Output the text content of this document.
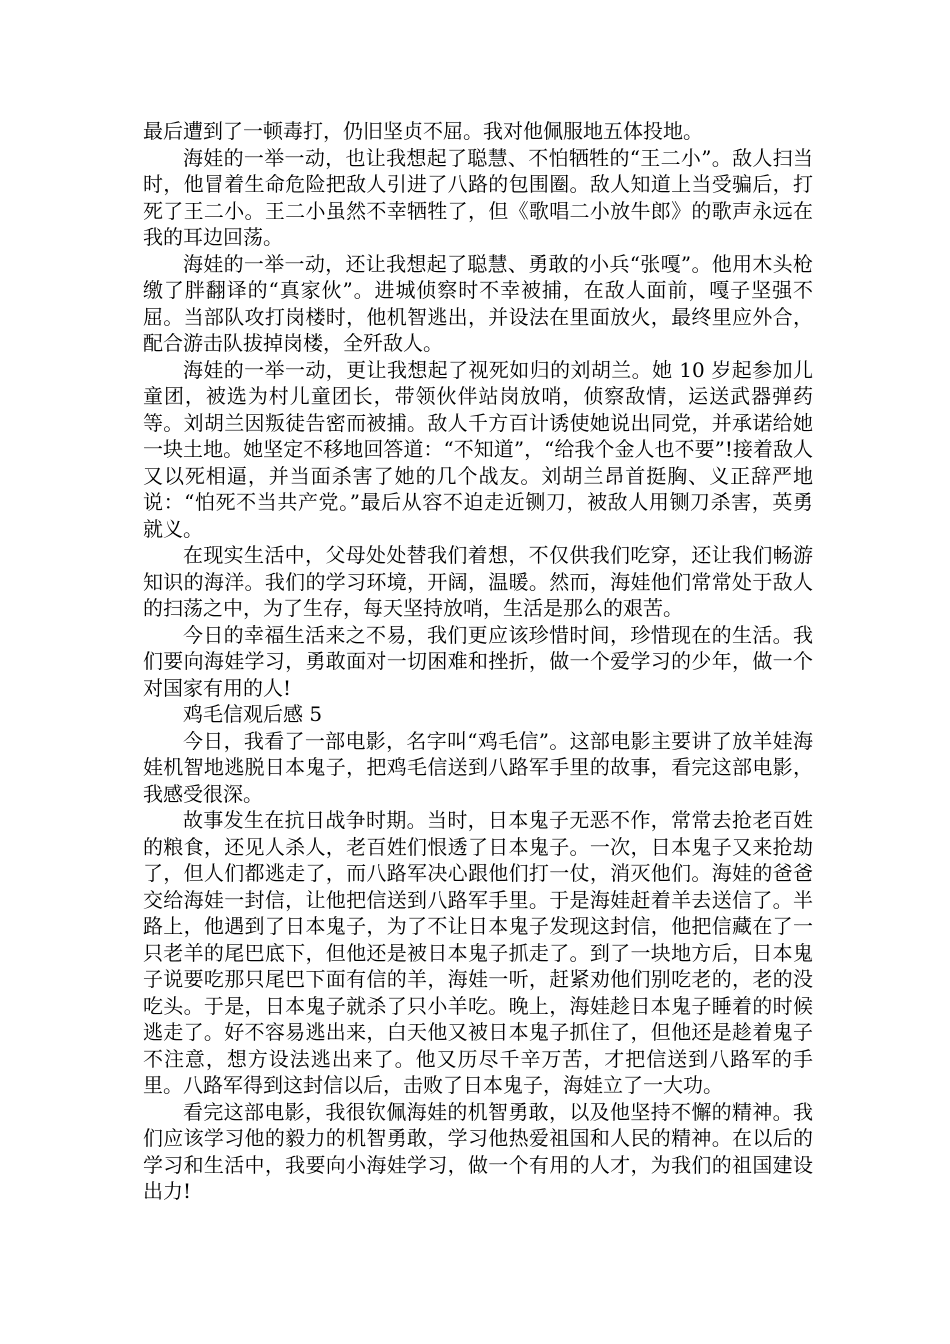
最后遭到了一顿毒打，仍旧坚贞不屈。我对他佩服地五体投地。

海娃的一举一动，也让我想起了聪慧、不怕牺牲的“王二小”。敌人扫当时，他冒着生命危险把敌人引进了八路的包围圈。敌人知道上当受骗后，打死了王二小。王二小虽然不幸牺牲了，但《歌唱二小放牛郎》的歌声永远在我的耳边回荡。

海娃的一举一动，还让我想起了聪慧、勇敢的小兵“张嘎”。他用木头枪缴了胖翻译的“真家伙”。进城侦察时不幸被捕，在敌人面前，嘎子坚强不屈。当部队攻打岗楼时，他机智逃出，并设法在里面放火，最终里应外合，配合游击队拔掉岗楼，全歼敌人。

海娃的一举一动，更让我想起了视死如归的刘胡兰。她 10 岁起参加儿童团，被选为村儿童团长，带领伙伴站岗放哨，侦察敌情，运送武器弹药等。刘胡兰因叛徒告密而被捕。敌人千方百计诱使她说出同党，并承诺给她一块土地。她坚定不移地回答道：“不知道”，“给我个金人也不要”!接着敌人又以死相逼，并当面杀害了她的几个战友。刘胡兰昂首挺胸、义正辞严地说：“怕死不当共产党。”最后从容不迫走近铡刀，被敌人用铡刀杀害，英勇就义。

在现实生活中，父母处处替我们着想，不仅供我们吃穿，还让我们畅游知识的海洋。我们的学习环境，开阔，温暖。然而，海娃他们常常处于敌人的扫荡之中，为了生存，每天坚持放哨，生活是那么的艰苦。

今日的幸福生活来之不易，我们更应该珍惜时间，珍惜现在的生活。我们要向海娃学习，勇敢面对一切困难和挫折，做一个爱学习的少年，做一个对国家有用的人!

鸡毛信观后感 5

今日，我看了一部电影，名字叫“鸡毛信”。这部电影主要讲了放羊娃海娃机智地逃脱日本鬼子，把鸡毛信送到八路军手里的故事，看完这部电影，我感受很深。

故事发生在抗日战争时期。当时，日本鬼子无恶不作，常常去抢老百姓的粮食，还见人杀人，老百姓们恨透了日本鬼子。一次，日本鬼子又来抢劫了，但人们都逃走了，而八路军决心跟他们打一仗，消灭他们。海娃的爸爸交给海娃一封信，让他把信送到八路军手里。于是海娃赶着羊去送信了。半路上，他遇到了日本鬼子，为了不让日本鬼子发现这封信，他把信藏在了一只老羊的尾巴底下，但他还是被日本鬼子抓走了。到了一块地方后，日本鬼子说要吃那只尾巴下面有信的羊，海娃一听，赶紧劝他们别吃老的，老的没吃头。于是，日本鬼子就杀了只小羊吃。晚上，海娃趁日本鬼子睡着的时候逃走了。好不容易逃出来，白天他又被日本鬼子抓住了，但他还是趁着鬼子不注意，想方设法逃出来了。他又历尽千辛万苦，才把信送到八路军的手里。八路军得到这封信以后，击败了日本鬼子，海娃立了一大功。

看完这部电影，我很钦佩海娃的机智勇敢，以及他坚持不懈的精神。我们应该学习他的毅力的机智勇敢，学习他热爱祖国和人民的精神。在以后的学习和生活中，我要向小海娃学习，做一个有用的人才，为我们的祖国建设出力!
